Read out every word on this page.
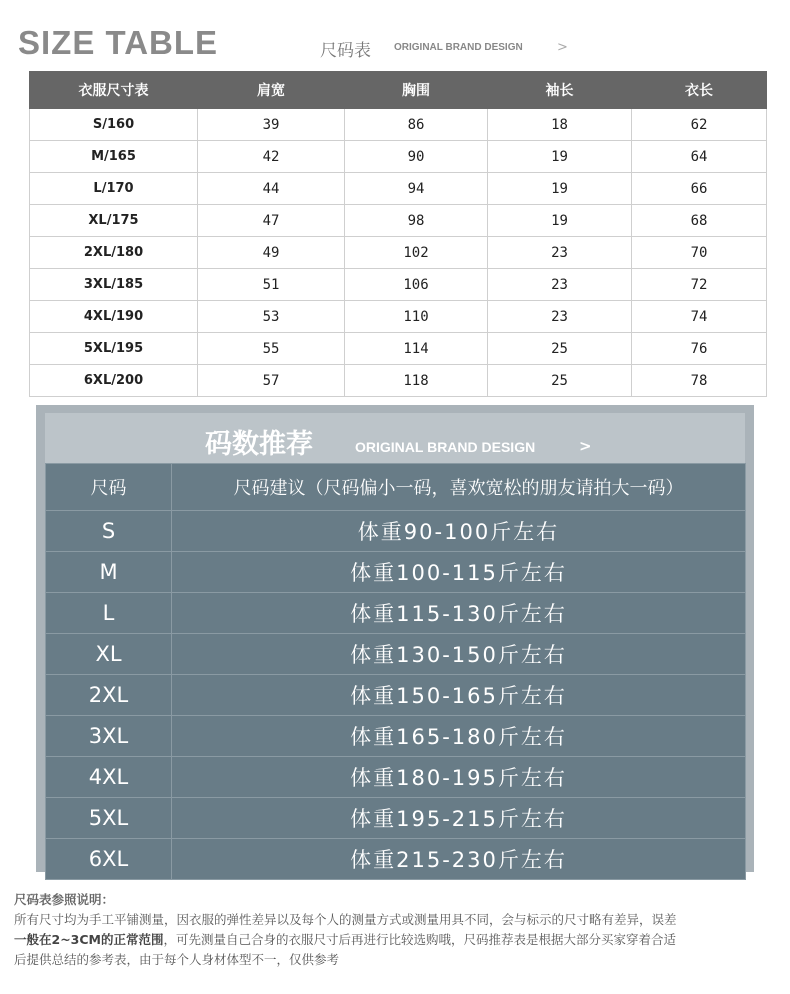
SIZE TABLE	尺码表 ORIGINAL BRAND DESIGN	>
衣服尺寸表	肩宽	胸围	袖长	衣长
S/160	39	86	18	62
M/165	42	90	19	64
L/170	44	94	19	66
XL/175	47	98	19	68
2XL/180	49	102	23	70
3XL/185	51	106	23	72
4XL/190	53	110	23	74
5XL/195	55	114	25	76
6XL/200	57	118	25	78
码数推荐	ORIGINAL BRAND DESIGN	>
尺码	尺码建议（尺码偏小一码，喜欢宽松的朋友请拍大一码）
S	体重90-100斤左右
M	体重100-115斤左右
L	体重115-130斤左右
XL	体重130-150斤左右
2XL	体重150-165斤左右
3XL	体重165-180斤左右
4XL	体重180-195斤左右
5XL	体重195-215斤左右
6XL	体重215-230斤左右
尺码表参照说明：
所有尺寸均为手工平铺测量，因衣服的弹性差异以及每个人的测量方式或测量用具不同，会与标示的尺寸略有差异，误差
一般在2~3CM的正常范围，可先测量自己合身的衣服尺寸后再进行比较选购哦，尺码推荐表是根据大部分买家穿着合适
后提供总结的参考表，由于每个人身材体型不一，仅供参考
